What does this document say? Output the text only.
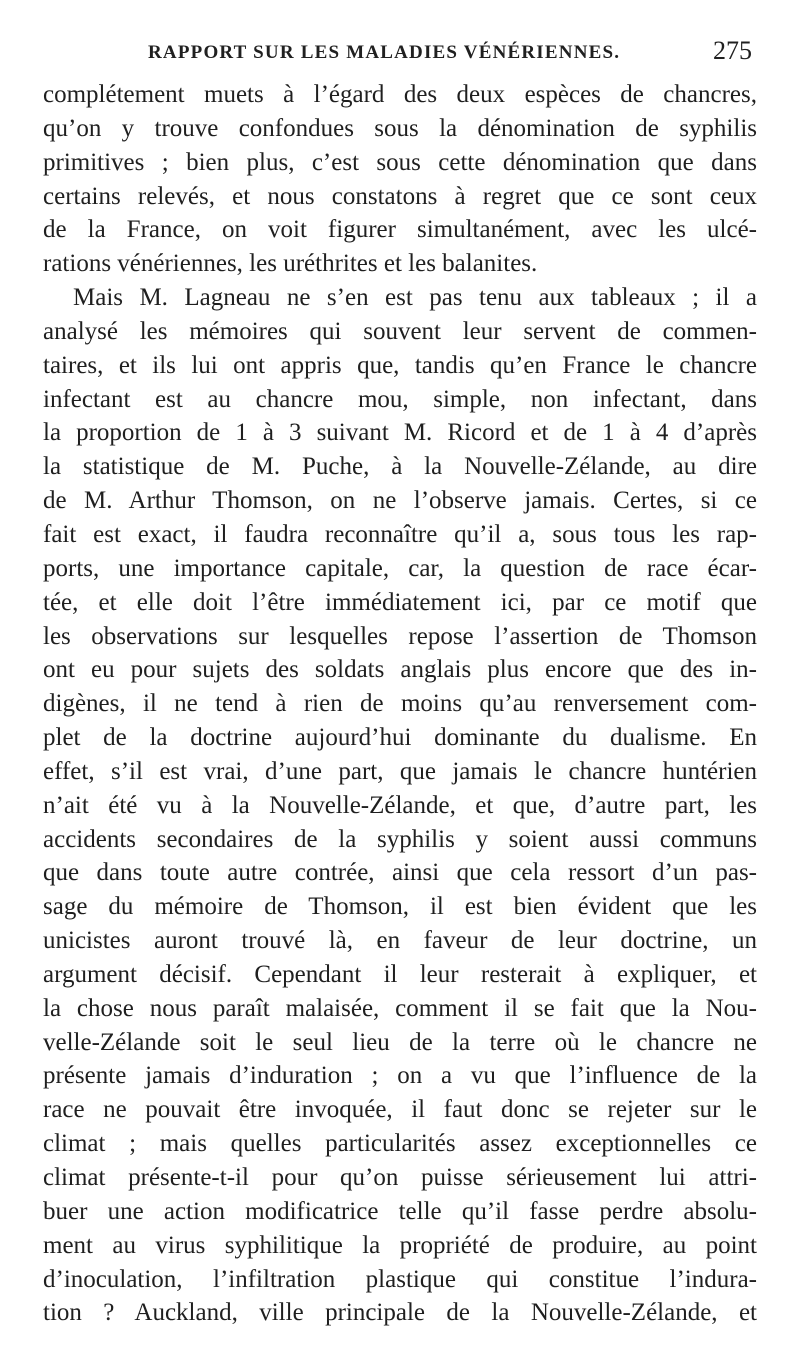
RAPPORT SUR LES MALADIES VÉNÉRIENNES.	275
complétement muets à l’égard des deux espèces de chancres,
qu’on y trouve confondues sous la dénomination de syphilis
primitives ; bien plus, c’est sous cette dénomination que dans
certains relevés, et nous constatons à regret que ce sont ceux
de la France, on voit figurer simultanément, avec les ulcé-
rations vénériennes, les uréthrites et les balanites.
Mais M. Lagneau ne s’en est pas tenu aux tableaux ; il a
analysé les mémoires qui souvent leur servent de commen-
taires, et ils lui ont appris que, tandis qu’en France le chancre
infectant est au chancre mou, simple, non infectant, dans
la proportion de 1 à 3 suivant M. Ricord et de 1 à 4 d’après
la statistique de M. Puche, à la Nouvelle-Zélande, au dire
de M. Arthur Thomson, on ne l’observe jamais. Certes, si ce
fait est exact, il faudra reconnaître qu’il a, sous tous les rap-
ports, une importance capitale, car, la question de race écar-
tée, et elle doit l’être immédiatement ici, par ce motif que
les observations sur lesquelles repose l’assertion de Thomson
ont eu pour sujets des soldats anglais plus encore que des in-
digènes, il ne tend à rien de moins qu’au renversement com-
plet de la doctrine aujourd’hui dominante du dualisme. En
effet, s’il est vrai, d’une part, que jamais le chancre huntérien
n’ait été vu à la Nouvelle-Zélande, et que, d’autre part, les
accidents secondaires de la syphilis y soient aussi communs
que dans toute autre contrée, ainsi que cela ressort d’un pas-
sage du mémoire de Thomson, il est bien évident que les
unicistes auront trouvé là, en faveur de leur doctrine, un
argument décisif. Cependant il leur resterait à expliquer, et
la chose nous paraît malaisée, comment il se fait que la Nou-
velle-Zélande soit le seul lieu de la terre où le chancre ne
présente jamais d’induration ; on a vu que l’influence de la
race ne pouvait être invoquée, il faut donc se rejeter sur le
climat ; mais quelles particularités assez exceptionnelles ce
climat présente-t-il pour qu’on puisse sérieusement lui attri-
buer une action modificatrice telle qu’il fasse perdre absolu-
ment au virus syphilitique la propriété de produire, au point
d’inoculation, l’infiltration plastique qui constitue l’indura-
tion ? Auckland, ville principale de la Nouvelle-Zélande, et
